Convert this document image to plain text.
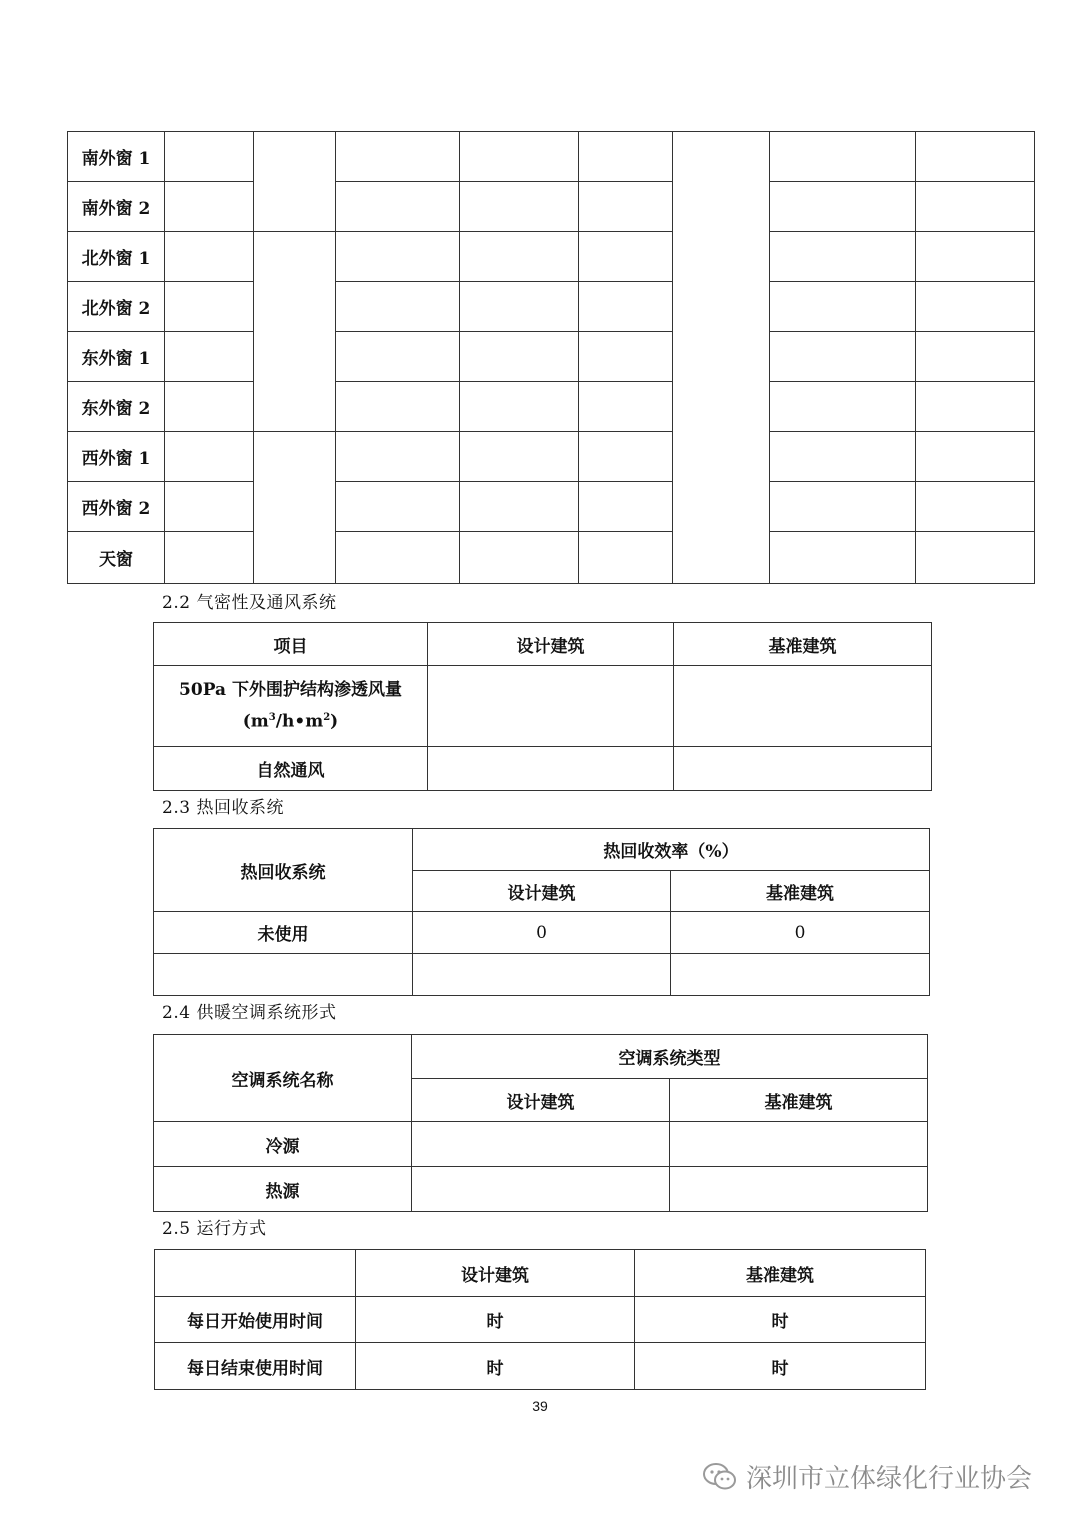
南外窗 1								
南外窗 2								
北外窗 1								
北外窗 2								
东外窗 1								
东外窗 2								
西外窗 1								
西外窗 2								
天窗								
2.2 气密性及通风系统
项目	设计建筑	基准建筑

50Pa 下外围护结构渗透风量
$(m^3/h•m^2)$		

自然通风		
2.3 热回收系统
热回收系统	热回收效率（%）	
	设计建筑	基准建筑
未使用	0	0

2.4 供暖空调系统形式
空调系统名称	空调系统类型	
	设计建筑	基准建筑
冷源		
热源		
2.5 运行方式
	设计建筑	基准建筑
每日开始使用时间	时	时
每日结束使用时间	时	时
39
深圳市立体绿化行业协会
